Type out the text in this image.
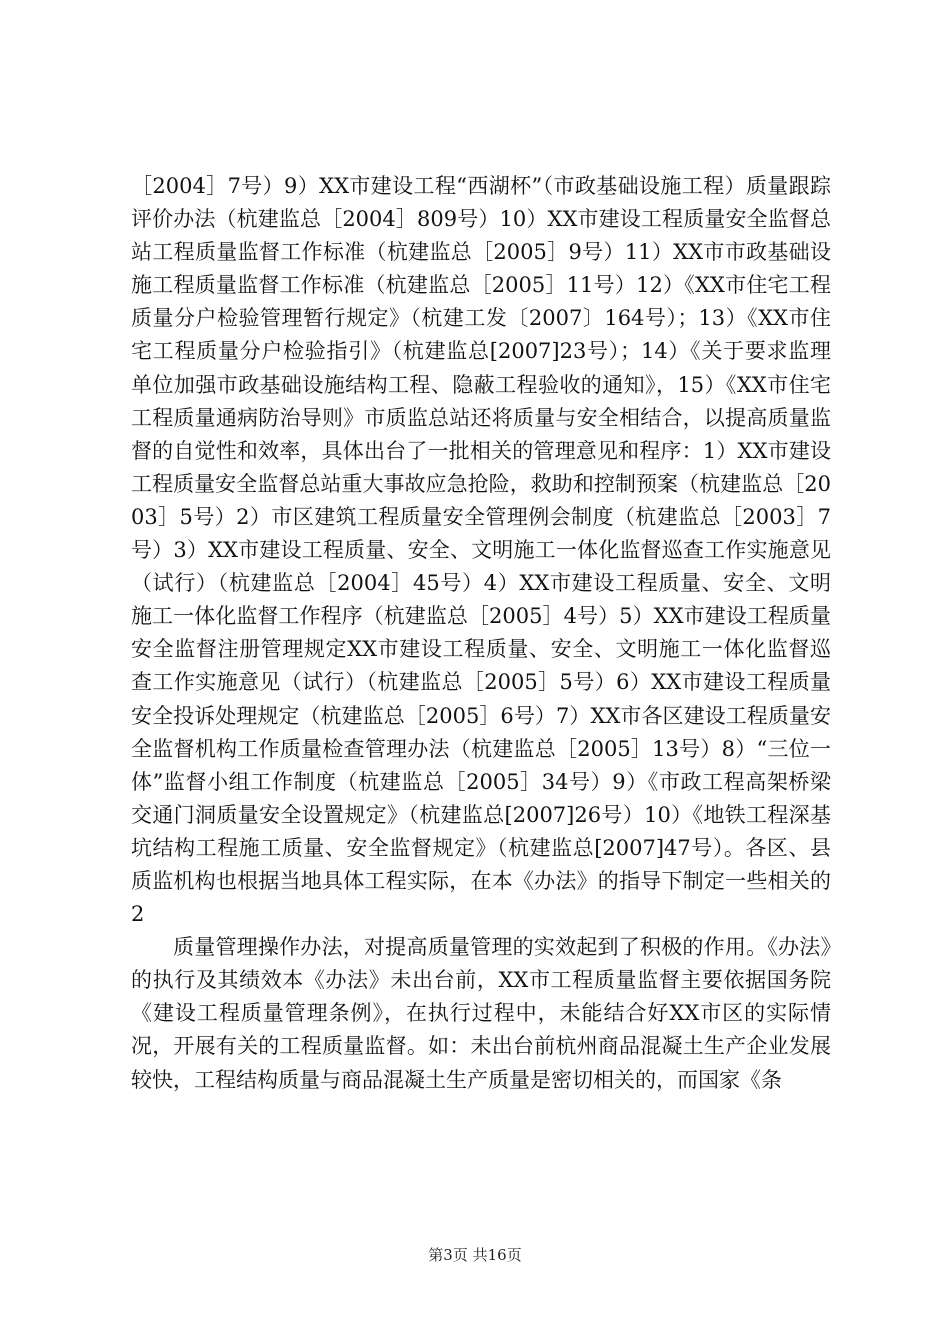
［2004］7号）9）XX市建设工程“西湖杯”（市政基础设施工程）质量跟踪评价办法（杭建监总［2004］809号）10）XX市建设工程质量安全监督总站工程质量监督工作标准（杭建监总［2005］9号）11）XX市市政基础设施工程质量监督工作标准（杭建监总［2005］11号）12）《XX市住宅工程质量分户检验管理暂行规定》（杭建工发〔2007〕164号）；13）《XX市住宅工程质量分户检验指引》（杭建监总[2007]23号）；14）《关于要求监理单位加强市政基础设施结构工程、隐蔽工程验收的通知》，15）《XX市住宅工程质量通病防治导则》市质监总站还将质量与安全相结合，以提高质量监督的自觉性和效率，具体出台了一批相关的管理意见和程序：1）XX市建设工程质量安全监督总站重大事故应急抢险，救助和控制预案（杭建监总［2003］5号）2）市区建筑工程质量安全管理例会制度（杭建监总［2003］7号）3）XX市建设工程质量、安全、文明施工一体化监督巡查工作实施意见（试行）（杭建监总［2004］45号）4）XX市建设工程质量、安全、文明施工一体化监督工作程序（杭建监总［2005］4号）5）XX市建设工程质量安全监督注册管理规定XX市建设工程质量、安全、文明施工一体化监督巡查工作实施意见（试行）（杭建监总［2005］5号）6）XX市建设工程质量安全投诉处理规定（杭建监总［2005］6号）7）XX市各区建设工程质量安全监督机构工作质量检查管理办法（杭建监总［2005］13号）8）“三位一体”监督小组工作制度（杭建监总［2005］34号）9）《市政工程高架桥梁交通门洞质量安全设置规定》（杭建监总[2007]26号）10）《地铁工程深基坑结构工程施工质量、安全监督规定》（杭建监总[2007]47号）。各区、县质监机构也根据当地具体工程实际，在本《办法》的指导下制定一些相关的2

质量管理操作办法，对提高质量管理的实效起到了积极的作用。《办法》的执行及其绩效本《办法》未出台前，XX市工程质量监督主要依据国务院《建设工程质量管理条例》，在执行过程中，未能结合好XX市区的实际情况，开展有关的工程质量监督。如：未出台前杭州商品混凝土生产企业发展较快，工程结构质量与商品混凝土生产质量是密切相关的，而国家《条

第3页 共16页
